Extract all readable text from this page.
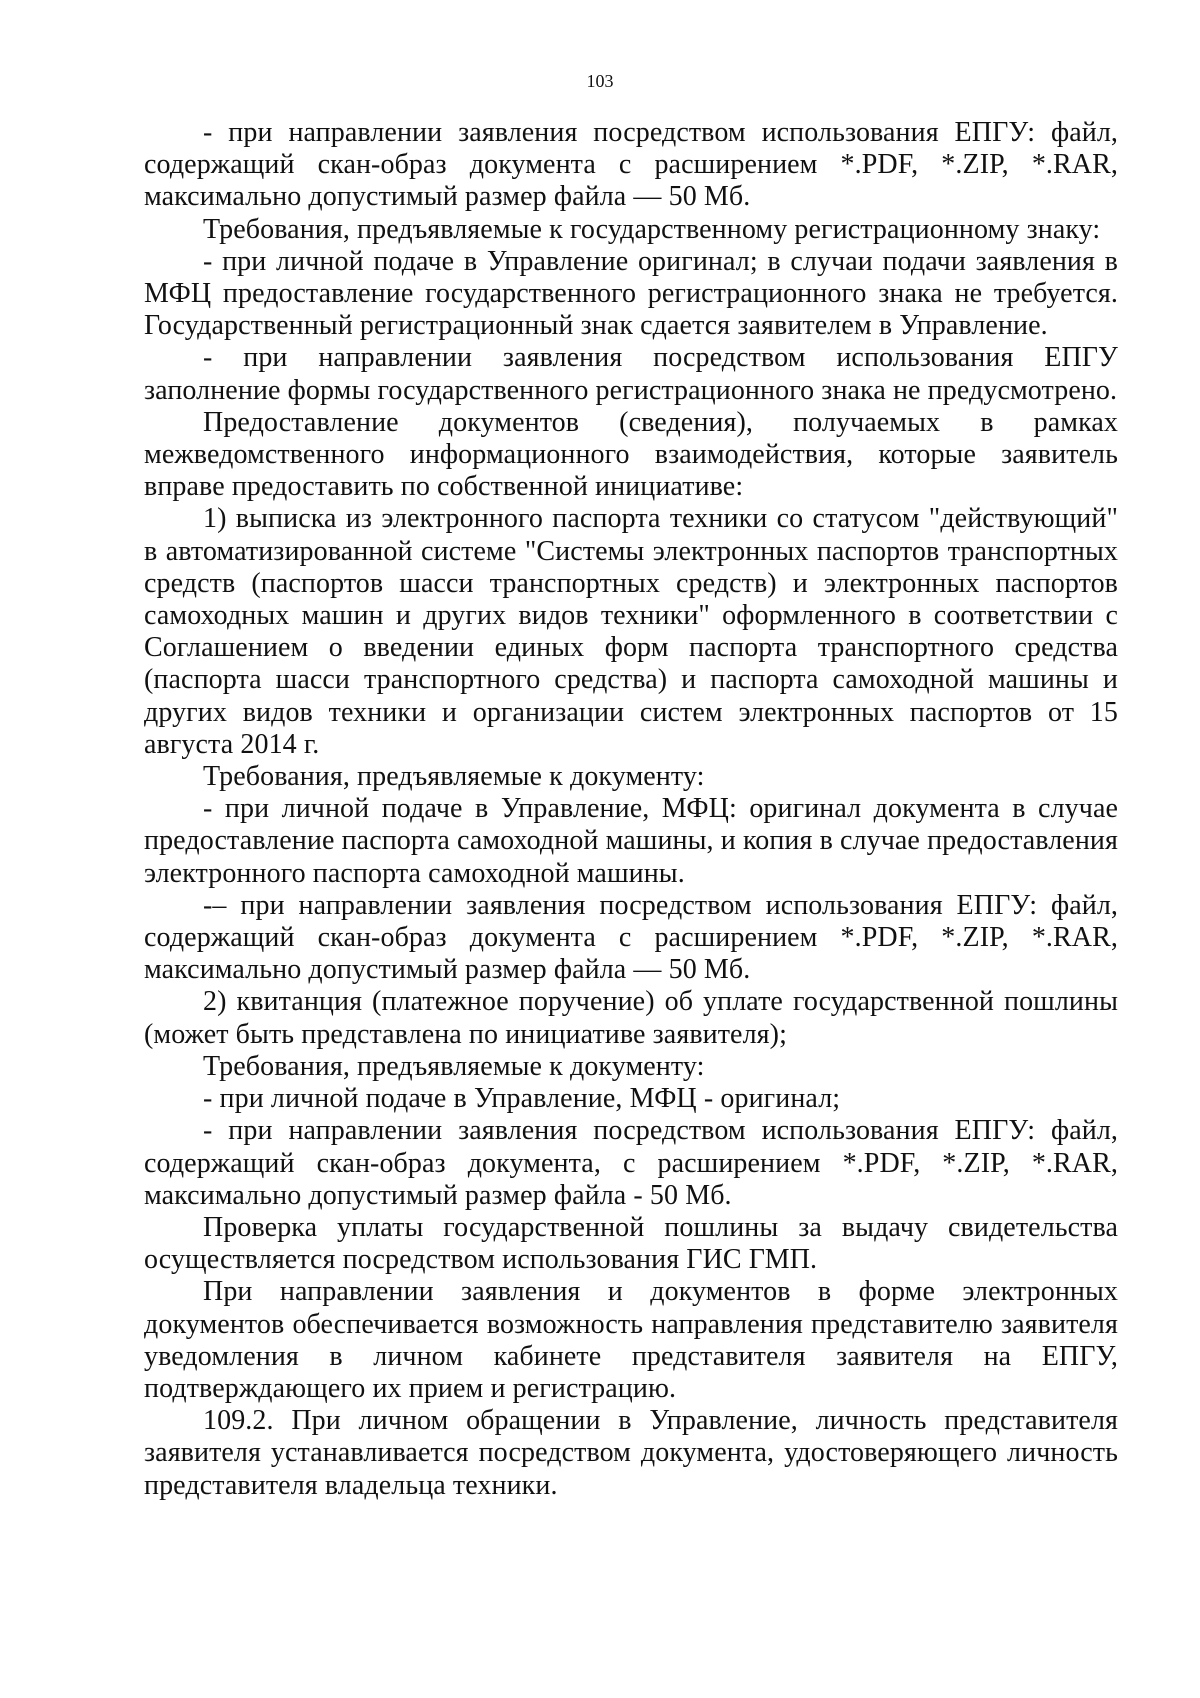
103

- при направлении заявления посредством использования ЕПГУ: файл, содержащий скан-образ документа с расширением *.PDF, *.ZIP, *.RAR, максимально допустимый размер файла — 50 Мб.

Требования, предъявляемые к государственному регистрационному знаку:

- при личной подаче в Управление оригинал; в случаи подачи заявления в МФЦ предоставление государственного регистрационного знака не требуется. Государственный регистрационный знак сдается заявителем в Управление.

- при направлении заявления посредством использования ЕПГУ заполнение формы государственного регистрационного знака не предусмотрено.

Предоставление документов (сведения), получаемых в рамках межведомственного информационного взаимодействия, которые заявитель вправе предоставить по собственной инициативе:

1) выписка из электронного паспорта техники со статусом "действующий" в автоматизированной системе "Системы электронных паспортов транспортных средств (паспортов шасси транспортных средств) и электронных паспортов самоходных машин и других видов техники" оформленного в соответствии с Соглашением о введении единых форм паспорта транспортного средства (паспорта шасси транспортного средства) и паспорта самоходной машины и других видов техники и организации систем электронных паспортов от 15 августа 2014 г.

Требования, предъявляемые к документу:

- при личной подаче в Управление, МФЦ: оригинал документа в случае предоставление паспорта самоходной машины, и копия в случае предоставления электронного паспорта самоходной машины.

-– при направлении заявления посредством использования ЕПГУ: файл, содержащий скан-образ документа с расширением *.PDF, *.ZIP, *.RAR, максимально допустимый размер файла — 50 Мб.

2) квитанция (платежное поручение) об уплате государственной пошлины (может быть представлена по инициативе заявителя);

Требования, предъявляемые к документу:

- при личной подаче в Управление, МФЦ - оригинал;

- при направлении заявления посредством использования ЕПГУ: файл, содержащий скан-образ документа, с расширением *.PDF, *.ZIP, *.RAR, максимально допустимый размер файла - 50 Мб.

Проверка уплаты государственной пошлины за выдачу свидетельства осуществляется посредством использования ГИС ГМП.

При направлении заявления и документов в форме электронных документов обеспечивается возможность направления представителю заявителя уведомления в личном кабинете представителя заявителя на ЕПГУ, подтверждающего их прием и регистрацию.

109.2. При личном обращении в Управление, личность представителя заявителя устанавливается посредством документа, удостоверяющего личность представителя владельца техники.
